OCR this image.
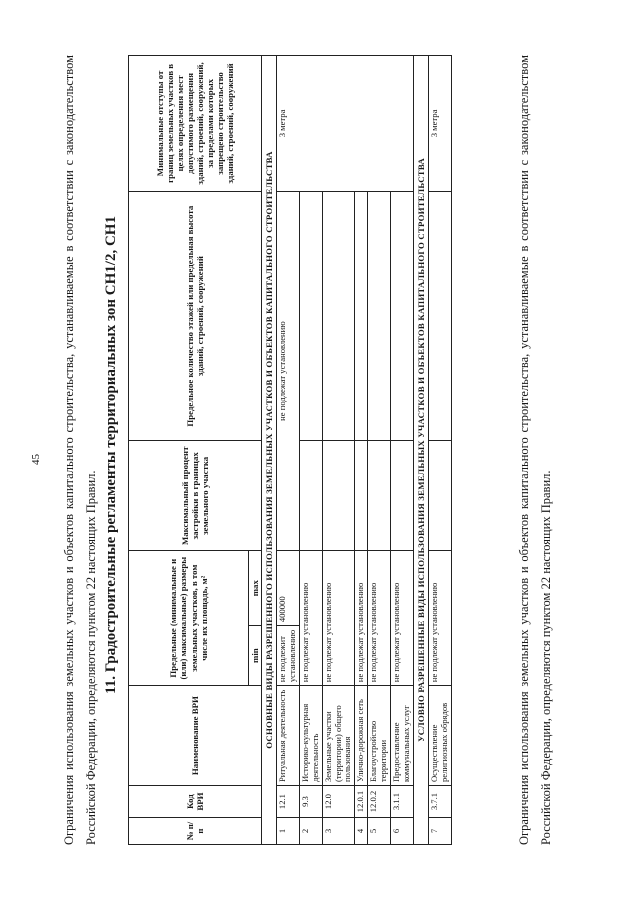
45	Ограничения использования земельных участков и объектов капитального строительства, устанавливаемые в соответствии с законодательством Российской Федерации, определяются пунктом 22 настоящих Правил. 11. Градостроительные регламенты территориальных зон СН1/2, СН1
№ п/п	Код ВРИ	Наименование ВРИ	Предельные (минимальные и (или) максимальные) размеры земельных участков, в том числе их площадь, м²		Максимальный процент застройки в границах земельного участка	Предельное количество этажей или предельная высота зданий, строений, сооружений	Минимальные отступы от границ земельных участков в целях определения мест допустимого размещения зданий, строений, сооружений, за пределами которых запрещено строительство зданий, строений, сооружений
			min	max			
ОСНОВНЫЕ ВИДЫ РАЗРЕШЕННОГО ИСПОЛЬЗОВАНИЯ ЗЕМЕЛЬНЫХ УЧАСТКОВ И ОБЪЕКТОВ КАПИТАЛЬНОГО СТРОИТЕЛЬСТВА							
1	12.1	Ритуальная деятельность	не подлежит установлению	400000	не подлежат установлению		3 метра
2	9.3	Историко-культурная деятельность	не подлежат установлению				
3	12.0	Земельные участки (территории) общего пользования	не подлежат установлению				
4	12.0.1	Улично-дорожная сеть	не подлежат установлению				
5	12.0.2	Благоустройство территории	не подлежат установлению				
6	3.1.1	Предоставление коммунальных услуг	не подлежат установлению				
УСЛОВНО РАЗРЕШЕННЫЕ ВИДЫ ИСПОЛЬЗОВАНИЯ ЗЕМЕЛЬНЫХ УЧАСТКОВ И ОБЪЕКТОВ КАПИТАЛЬНОГО СТРОИТЕЛЬСТВА							
7	3.7.1	Осуществление религиозных обрядов	не подлежат установлению				3 метра	Ограничения использования земельных участков и объектов капитального строительства, устанавливаемые в соответствии с законодательством Российской Федерации, определяются пунктом 22 настоящих Правил.
